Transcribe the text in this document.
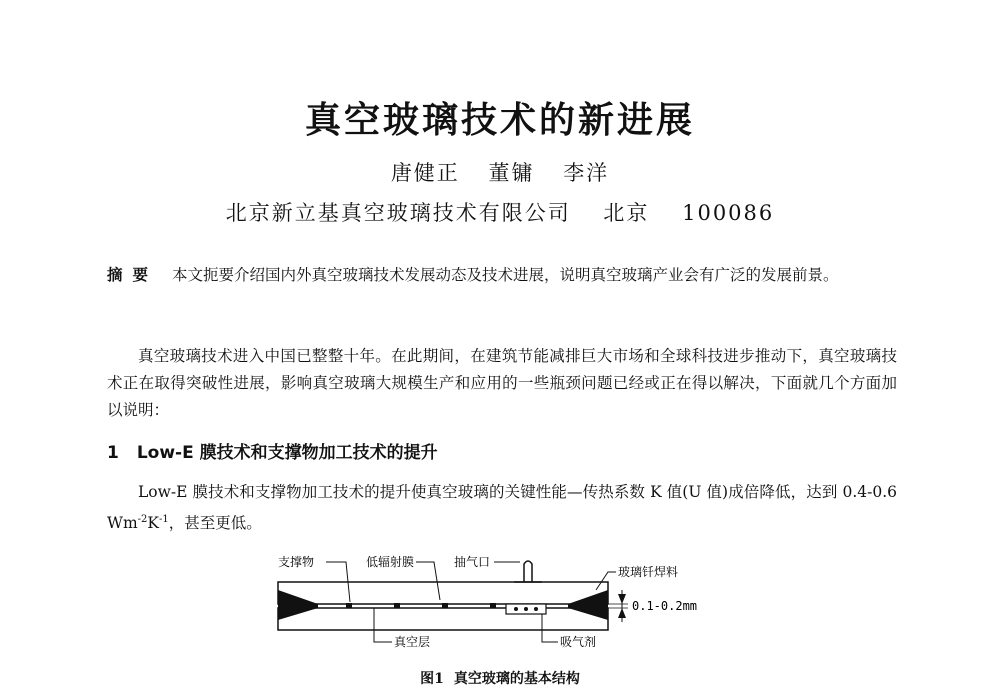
真空玻璃技术的新进展
唐健正 董镛 李洋
北京新立基真空玻璃技术有限公司 北京 100086
摘要 本文扼要介绍国内外真空玻璃技术发展动态及技术进展，说明真空玻璃产业会有广泛的发展前景。
真空玻璃技术进入中国已整整十年。在此期间，在建筑节能减排巨大市场和全球科技进步推动下，真空玻璃技术正在取得突破性进展，影响真空玻璃大规模生产和应用的一些瓶颈问题已经或正在得以解决，下面就几个方面加以说明：
1 Low-E 膜技术和支撑物加工技术的提升
Low-E 膜技术和支撑物加工技术的提升使真空玻璃的关键性能—传热系数 K 值(U 值)成倍降低，达到 0.4-0.6 $Wm^{-2}K^{-1}$，甚至更低。
支撑物	低辐射膜	抽气口
玻璃钎焊料
0.1-0.2mm
真空层	吸气剂
图1 真空玻璃的基本结构
